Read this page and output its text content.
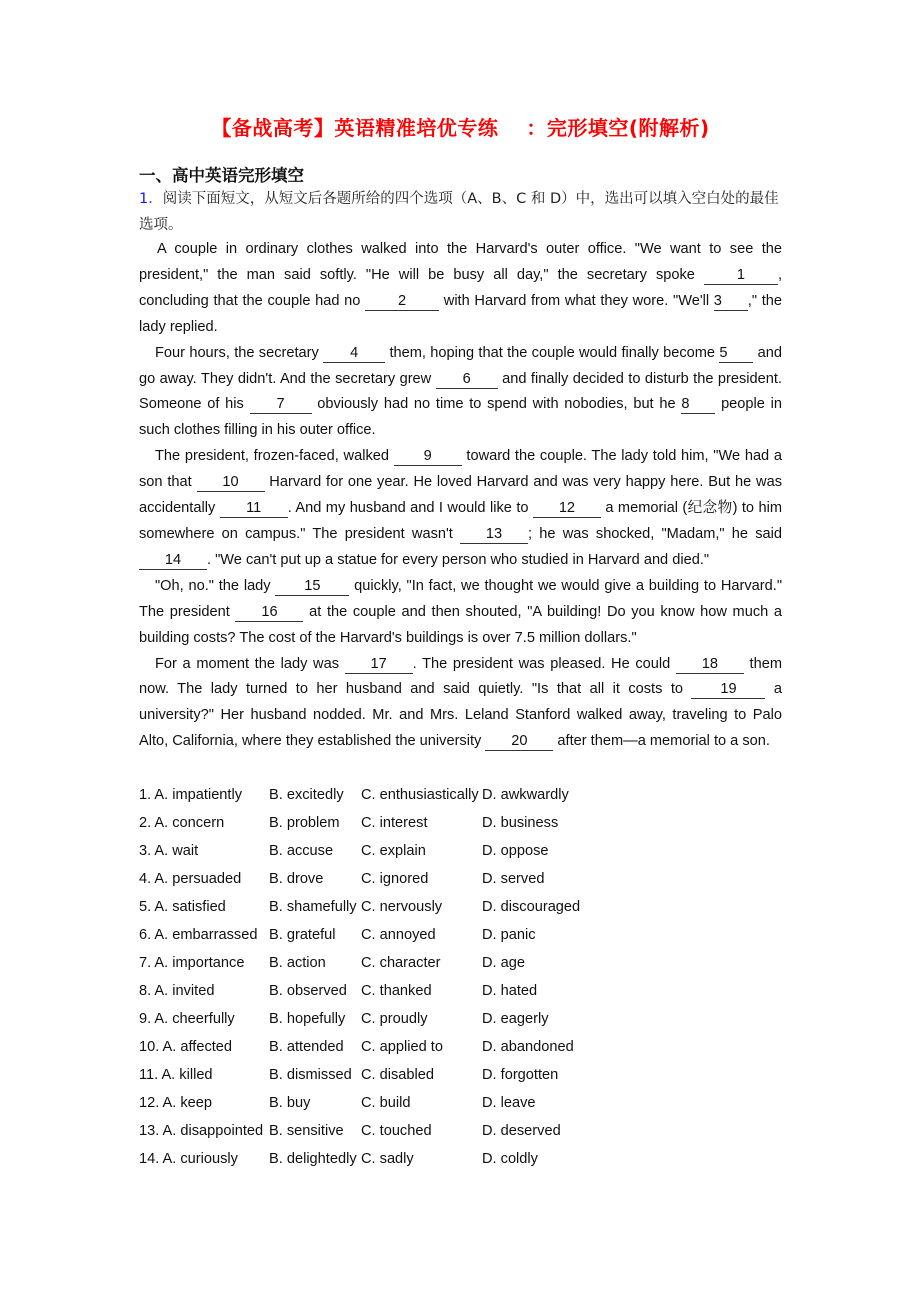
【备战高考】英语精准培优专练 ：完形填空(附解析)
一、高中英语完形填空
1．阅读下面短文，从短文后各题所给的四个选项（A、B、C 和 D）中，选出可以填入空白处的最佳选项。

A couple in ordinary clothes walked into the Harvard's outer office. "We want to see the president," the man said softly. "He will be busy all day," the secretary spoke 1 , concluding that the couple had no 2 with Harvard from what they wore. "We'll 3 ," the lady replied.

Four hours, the secretary 4 them, hoping that the couple would finally become 5 and go away. They didn't. And the secretary grew 6 and finally decided to disturb the president. Someone of his 7 obviously had no time to spend with nobodies, but he 8 people in such clothes filling in his outer office.

The president, frozen-faced, walked 9 toward the couple. The lady told him, "We had a son that 10 Harvard for one year. He loved Harvard and was very happy here. But he was accidentally 11 . And my husband and I would like to 12 a memorial (纪念物) to him somewhere on campus." The president wasn't 13 ; he was shocked, "Madam," he said 14 . "We can't put up a statue for every person who studied in Harvard and died."

"Oh, no." the lady 15 quickly, "In fact, we thought we would give a building to Harvard." The president 16 at the couple and then shouted, "A building! Do you know how much a building costs? The cost of the Harvard's buildings is over 7.5 million dollars."

For a moment the lady was 17 . The president was pleased. He could 18 them now. The lady turned to her husband and said quietly. "Is that all it costs to 19 a university?" Her husband nodded. Mr. and Mrs. Leland Stanford walked away, traveling to Palo Alto, California, where they established the university 20 after them—a memorial to a son.

1. A. impatiently	B. excitedly	C. enthusiastically D. awkwardly
2. A. concern	B. problem	C. interest	D. business
3. A. wait	B. accuse	C. explain	D. oppose
4. A. persuaded	B. drove	C. ignored	D. served
5. A. satisfied	B. shamefully C. nervously	D. discouraged
6. A. embarrassed B. grateful	C. annoyed	D. panic
7. A. importance	B. action	C. character	D. age
8. A. invited	B. observed C. thanked	D. hated
9. A. cheerfully	B. hopefully	C. proudly	D. eagerly
10. A. affected	B. attended	C. applied to	D. abandoned
11. A. killed	B. dismissed C. disabled	D. forgotten
12. A. keep	B. buy	C. build	D. leave
13. A. disappointed B. sensitive	C. touched	D. deserved
14. A. curiously	B. delightedly C. sadly	D. coldly
